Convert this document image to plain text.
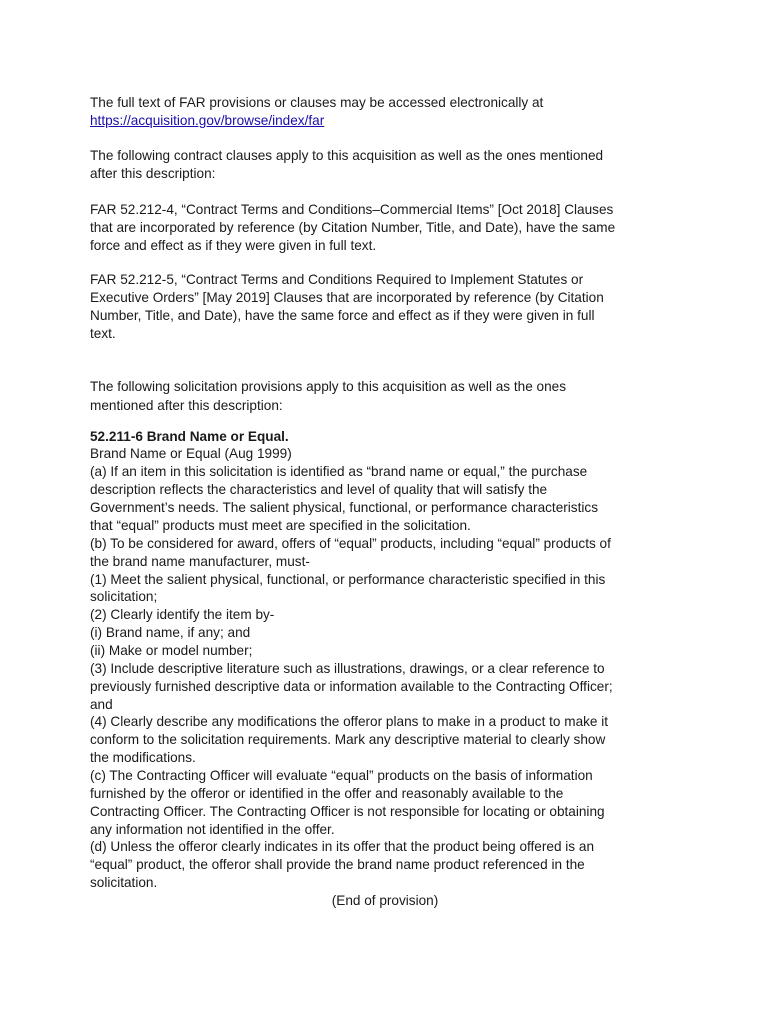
The full text of FAR provisions or clauses may be accessed electronically at

https://acquisition.gov/browse/index/far

The following contract clauses apply to this acquisition as well as the ones mentioned

after this description:

FAR 52.212-4, “Contract Terms and Conditions–Commercial Items” [Oct 2018] Clauses

that are incorporated by reference (by Citation Number, Title, and Date), have the same

force and effect as if they were given in full text.

FAR 52.212-5, “Contract Terms and Conditions Required to Implement Statutes or

Executive Orders” [May 2019] Clauses that are incorporated by reference (by Citation

Number, Title, and Date), have the same force and effect as if they were given in full

text.

The following solicitation provisions apply to this acquisition as well as the ones

mentioned after this description:

52.211-6 Brand Name or Equal.

Brand Name or Equal (Aug 1999)

(a) If an item in this solicitation is identified as “brand name or equal,” the purchase

description reflects the characteristics and level of quality that will satisfy the

Government’s needs. The salient physical, functional, or performance characteristics

that “equal” products must meet are specified in the solicitation.

(b) To be considered for award, offers of “equal” products, including “equal” products of

the brand name manufacturer, must-

(1) Meet the salient physical, functional, or performance characteristic specified in this

solicitation;

(2) Clearly identify the item by-

(i) Brand name, if any; and

(ii) Make or model number;

(3) Include descriptive literature such as illustrations, drawings, or a clear reference to

previously furnished descriptive data or information available to the Contracting Officer;

and

(4) Clearly describe any modifications the offeror plans to make in a product to make it

conform to the solicitation requirements. Mark any descriptive material to clearly show

the modifications.

(c) The Contracting Officer will evaluate “equal” products on the basis of information

furnished by the offeror or identified in the offer and reasonably available to the

Contracting Officer. The Contracting Officer is not responsible for locating or obtaining

any information not identified in the offer.

(d) Unless the offeror clearly indicates in its offer that the product being offered is an

“equal” product, the offeror shall provide the brand name product referenced in the

solicitation.

(End of provision)
